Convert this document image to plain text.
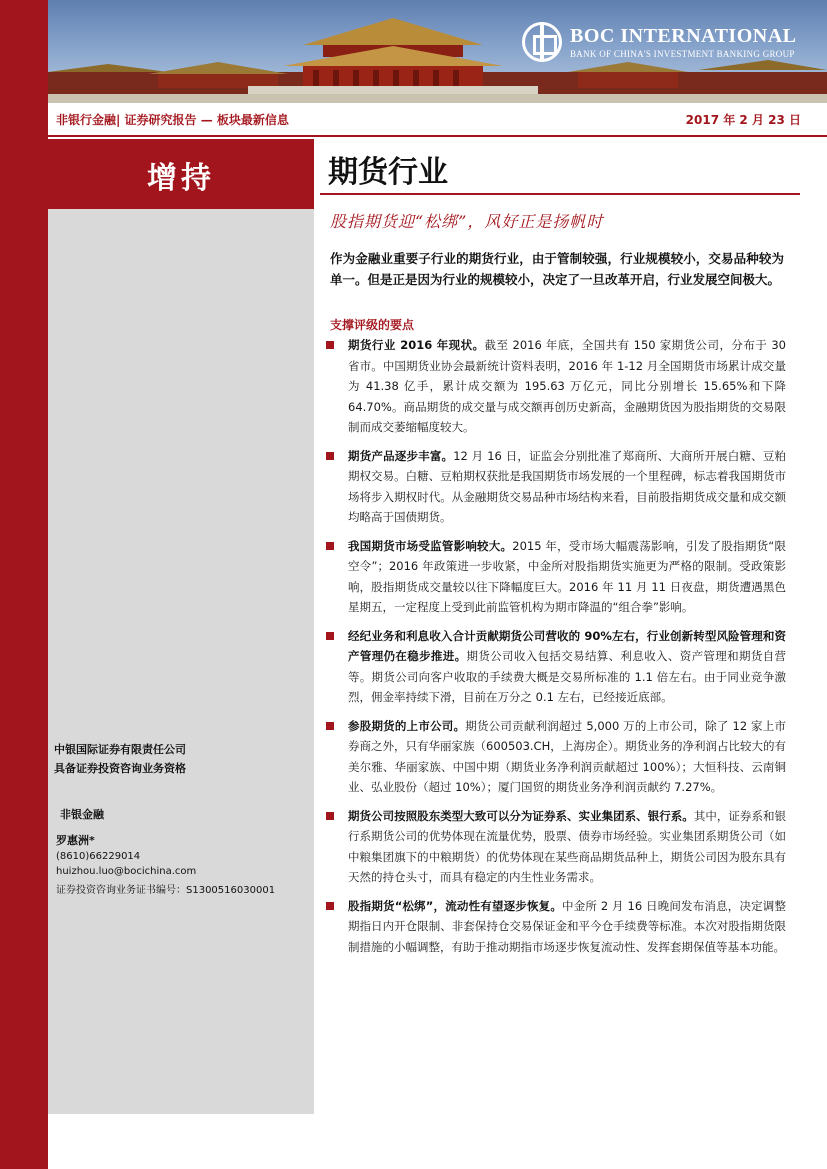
BOC INTERNATIONAL
BANK OF CHINA'S INVESTMENT BANKING GROUP
非银行金融| 证券研究报告 — 板块最新信息	2017 年 2 月 23 日
增持
中银国际证券有限责任公司
具备证券投资咨询业务资格
非银金融
罗惠洲*
(8610)66229014
huizhou.luo@bocichina.com
证券投资咨询业务证书编号：S1300516030001
期货行业
股指期货迎“松绑”，风好正是扬帆时
作为金融业重要子行业的期货行业，由于管制较强，行业规模较小，交易品种较为单一。但是正是因为行业的规模较小，决定了一旦改革开启，行业发展空间极大。
支撑评级的要点
期货行业 2016 年现状。截至 2016 年底，全国共有 150 家期货公司，分布于 30 省市。中国期货业协会最新统计资料表明，2016 年 1-12 月全国期货市场累计成交量为 41.38 亿手，累计成交额为 195.63 万亿元，同比分别增长 15.65%和下降 64.70%。商品期货的成交量与成交额再创历史新高，金融期货因为股指期货的交易限制而成交萎缩幅度较大。
期货产品逐步丰富。12 月 16 日，证监会分别批准了郑商所、大商所开展白糖、豆粕期权交易。白糖、豆粕期权获批是我国期货市场发展的一个里程碑，标志着我国期货市场将步入期权时代。从金融期货交易品种市场结构来看，目前股指期货成交量和成交额均略高于国债期货。
我国期货市场受监管影响较大。2015 年，受市场大幅震荡影响，引发了股指期货“限空令”；2016 年政策进一步收紧，中金所对股指期货实施更为严格的限制。受政策影响，股指期货成交量较以往下降幅度巨大。2016 年 11 月 11 日夜盘，期货遭遇黑色星期五，一定程度上受到此前监管机构为期市降温的“组合拳”影响。
经纪业务和利息收入合计贡献期货公司营收的 90%左右，行业创新转型风险管理和资产管理仍在稳步推进。期货公司收入包括交易结算、利息收入、资产管理和期货自营等。期货公司向客户收取的手续费大概是交易所标准的 1.1 倍左右。由于同业竞争激烈，佣金率持续下滑，目前在万分之 0.1 左右，已经接近底部。
参股期货的上市公司。期货公司贡献利润超过 5,000 万的上市公司，除了 12 家上市券商之外，只有华丽家族（600503.CH，上海房企）。期货业务的净利润占比较大的有美尔雅、华丽家族、中国中期（期货业务净利润贡献超过 100%）；大恒科技、云南铜业、弘业股份（超过 10%）；厦门国贸的期货业务净利润贡献约 7.27%。
期货公司按照股东类型大致可以分为证券系、实业集团系、银行系。其中，证券系和银行系期货公司的优势体现在流量优势，股票、债券市场经验。实业集团系期货公司（如中粮集团旗下的中粮期货）的优势体现在某些商品期货品种上，期货公司因为股东具有天然的持仓头寸，而具有稳定的内生性业务需求。
股指期货“松绑”，流动性有望逐步恢复。中金所 2 月 16 日晚间发布消息，决定调整期指日内开仓限制、非套保持仓交易保证金和平今仓手续费等标准。本次对股指期货限制措施的小幅调整，有助于推动期指市场逐步恢复流动性、发挥套期保值等基本功能。
